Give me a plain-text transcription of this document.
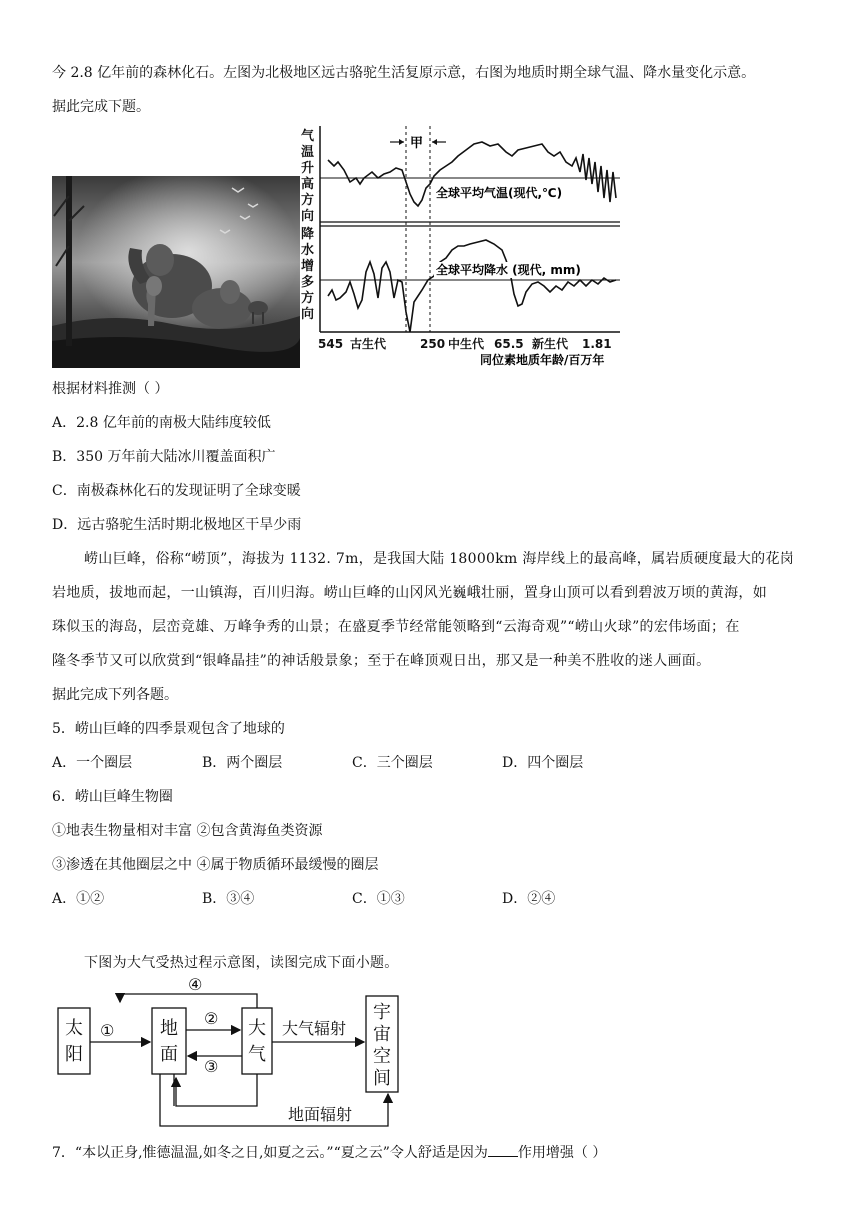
今 2.8 亿年前的森林化石。左图为北极地区远古骆驼生活复原示意，右图为地质时期全球气温、降水量变化示意。
据此完成下题。
气
温
升
高
方
向
降
水
增
多
方
向
甲
全球平均气温(现代,℃)
全球平均降水 (现代, mm)
545 古生代	250 中生代 65.5 新生代 1.81
同位素地质年龄/百万年
根据材料推测（ ）
A．2.8 亿年前的南极大陆纬度较低
B．350 万年前大陆冰川覆盖面积广
C．南极森林化石的发现证明了全球变暖
D．远古骆驼生活时期北极地区干旱少雨
崂山巨峰，俗称“崂顶”，海拔为 1132. 7m，是我国大陆 18000km 海岸线上的最高峰，属岩质硬度最大的花岗
岩地质，拔地而起，一山镇海，百川归海。崂山巨峰的山冈风光巍峨壮丽，置身山顶可以看到碧波万顷的黄海，如
珠似玉的海岛，层峦竞雄、万峰争秀的山景；在盛夏季节经常能领略到“云海奇观”“崂山火球”的宏伟场面；在
隆冬季节又可以欣赏到“银峰晶挂”的神话般景象；至于在峰顶观日出，那又是一种美不胜收的迷人画面。
据此完成下列各题。
5．崂山巨峰的四季景观包含了地球的
A．一个圈层	B．两个圈层	C．三个圈层	D．四个圈层
6．崂山巨峰生物圈
①地表生物量相对丰富 ②包含黄海鱼类资源
③渗透在其他圈层之中 ④属于物质循环最缓慢的圈层
A．①②	B．③④	C．①③	D．②④
下图为大气受热过程示意图，读图完成下面小题。
太
阳
地
面
大
气
宇
宙
空
间
①
②
③
④
大气辐射
地面辐射
7．“本以正身,惟德温温,如冬之日,如夏之云。”“夏之云”令人舒适是因为 作用增强（ ）
